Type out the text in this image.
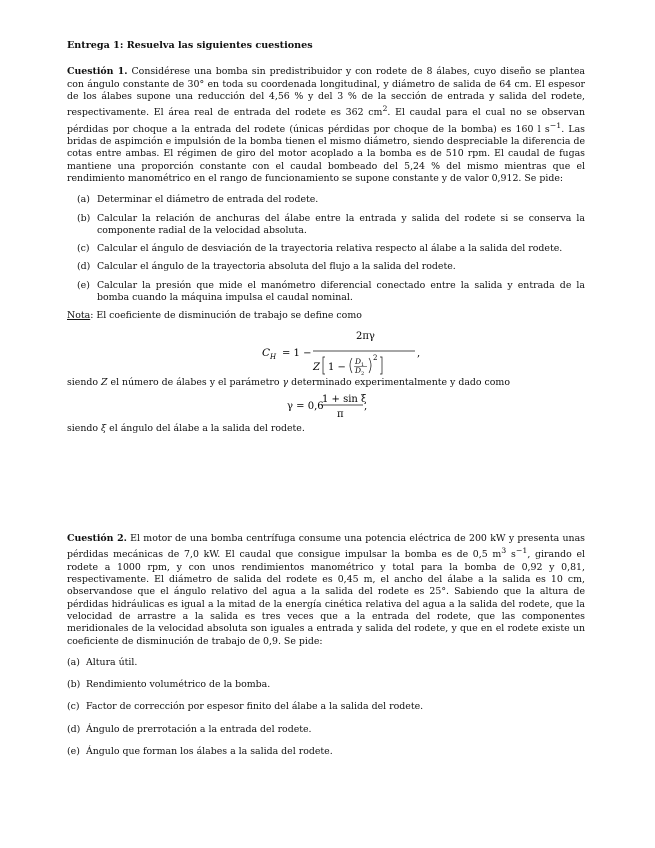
Entrega 1: Resuelva las siguientes cuestiones

Cuestión 1. Considérese una bomba sin predistribuidor y con rodete de 8 álabes, cuyo diseño se plantea con ángulo constante de 30° en toda su coordenada longitudinal, y diámetro de salida de 64 cm. El espesor de los álabes supone una reducción del 4,56 % y del 3 % de la sección de entrada y salida del rodete, respectivamente. El área real de entrada del rodete es 362 $cm^2$. El caudal para el cual no se observan pérdidas por choque a la entrada del rodete (únicas pérdidas por choque de la bomba) es 160 l $s^{-1}$. Las bridas de aspimción e impulsión de la bomba tienen el mismo diámetro, siendo despreciable la diferencia de cotas entre ambas. El régimen de giro del motor acoplado a la bomba es de 510 rpm. El caudal de fugas mantiene una proporción constante con el caudal bombeado del 5,24 % del mismo mientras que el rendimiento manométrico en el rango de funcionamiento se supone constante y de valor 0,912. Se pide:

(a) Determinar el diámetro de entrada del rodete.
(b) Calcular la relación de anchuras del álabe entre la entrada y salida del rodete si se conserva la componente radial de la velocidad absoluta.
(c) Calcular el ángulo de desviación de la trayectoria relativa respecto al álabe a la salida del rodete.
(d) Calcular el ángulo de la trayectoria absoluta del flujo a la salida del rodete.
(e) Calcular la presión que mide el manómetro diferencial conectado entre la salida y entrada de la bomba cuando la máquina impulsa el caudal nominal.

Nota: El coeficiente de disminución de trabajo se define como

C H = 1 −
2πγ
Z 1 −
D 1
D 2
2	,

siendo Z el número de álabes y el parámetro γ determinado experimentalmente y dado como

γ = 0,6
1 + sin ξ
π
,

siendo ξ el ángulo del álabe a la salida del rodete.

Cuestión 2. El motor de una bomba centrífuga consume una potencia eléctrica de 200 kW y presenta unas pérdidas mecánicas de 7,0 kW. El caudal que consigue impulsar la bomba es de 0,5 $m^3$ $s^{-1}$, girando el rodete a 1000 rpm, y con unos rendimientos manométrico y total para la bomba de 0,92 y 0,81, respectivamente. El diámetro de salida del rodete es 0,45 m, el ancho del álabe a la salida es 10 cm, observandose que el ángulo relativo del agua a la salida del rodete es 25°. Sabiendo que la altura de pérdidas hidráulicas es igual a la mitad de la energía cinética relativa del agua a la salida del rodete, que la velocidad de arrastre a la salida es tres veces que a la entrada del rodete, que las componentes meridionales de la velocidad absoluta son iguales a entrada y salida del rodete, y que en el rodete existe un coeficiente de disminución de trabajo de 0,9. Se pide:

(a) Altura útil.
(b) Rendimiento volumétrico de la bomba.
(c) Factor de corrección por espesor finito del álabe a la salida del rodete.
(d) Ángulo de prerrotación a la entrada del rodete.
(e) Ángulo que forman los álabes a la salida del rodete.
